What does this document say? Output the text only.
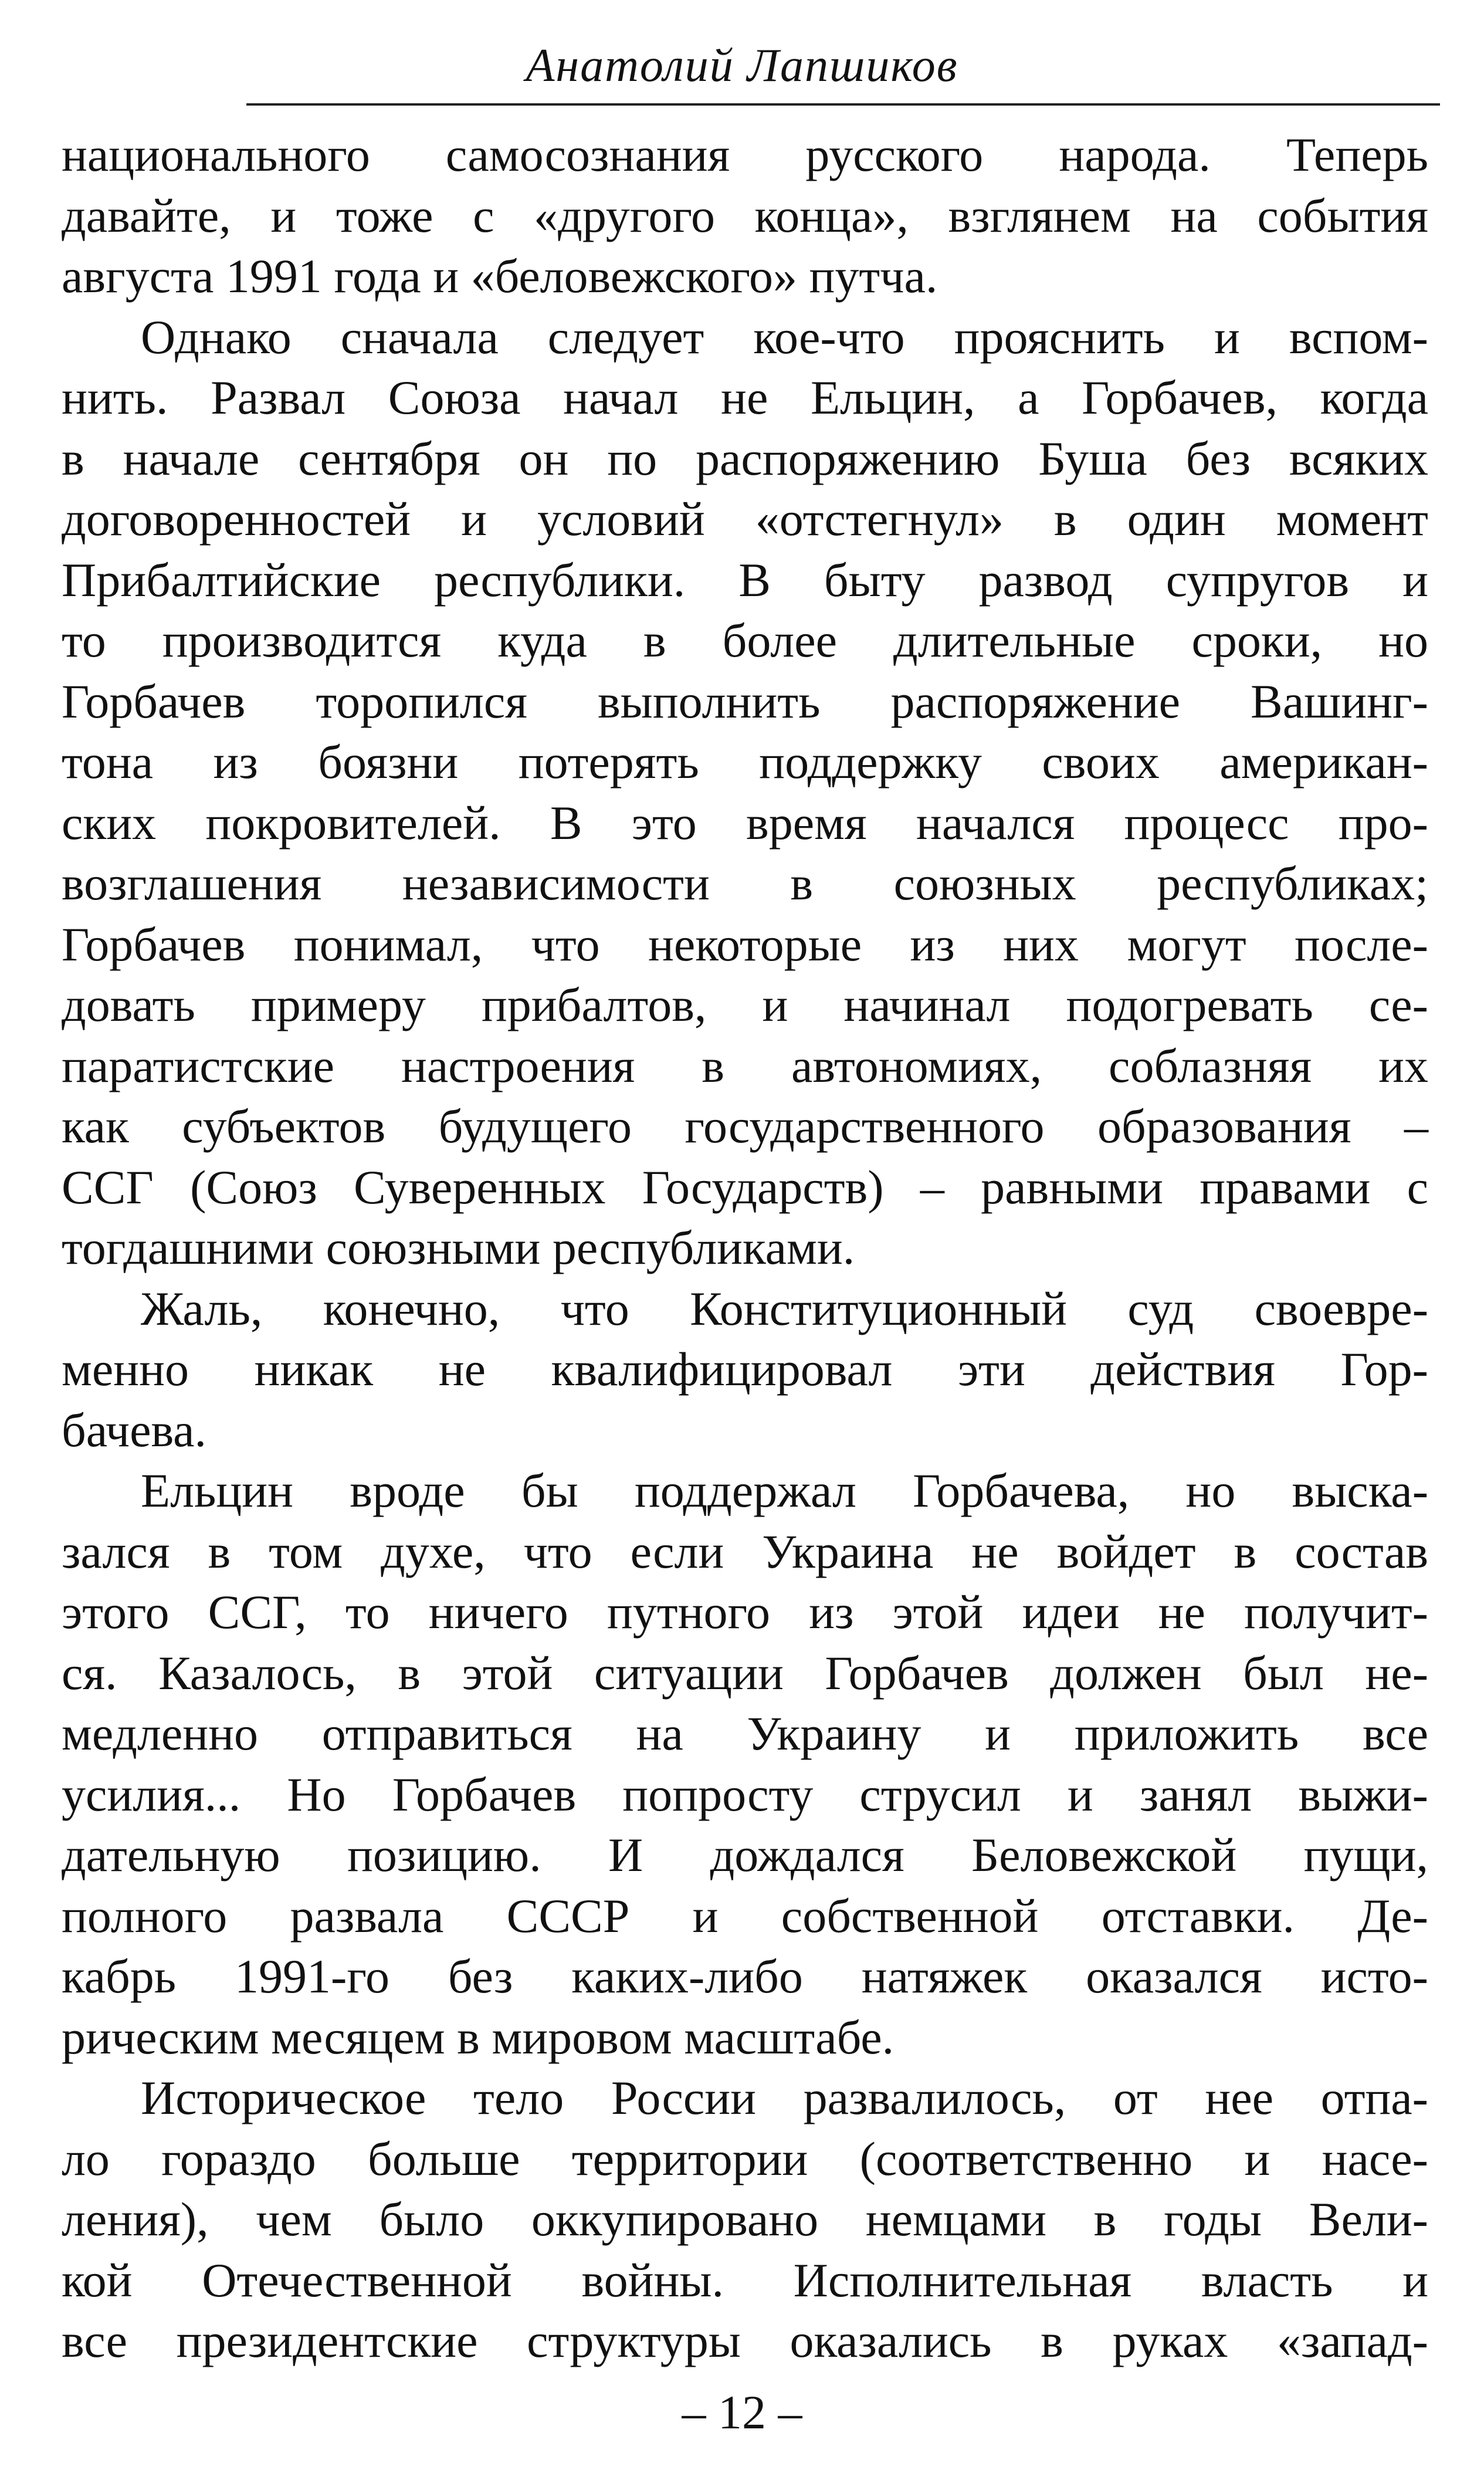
Анатолий Лапшиков

национального самосознания русского народа. Теперь
давайте, и тоже с «другого конца», взглянем на события
августа 1991 года и «беловежского» путча.

Однако сначала следует кое-что прояснить и вспом-
нить. Развал Союза начал не Ельцин, а Горбачев, когда
в начале сентября он по распоряжению Буша без всяких
договоренностей и условий «отстегнул» в один момент
Прибалтийские республики. В быту развод супругов и
то производится куда в более длительные сроки, но
Горбачев торопился выполнить распоряжение Вашинг-
тона из боязни потерять поддержку своих американ-
ских покровителей. В это время начался процесс про-
возглашения независимости в союзных республиках;
Горбачев понимал, что некоторые из них могут после-
довать примеру прибалтов, и начинал подогревать се-
паратистские настроения в автономиях, соблазняя их
как субъектов будущего государственного образования –
ССГ (Союз Суверенных Государств) – равными правами с
тогдашними союзными республиками.

Жаль, конечно, что Конституционный суд своевре-
менно никак не квалифицировал эти действия Гор-
бачева.

Ельцин вроде бы поддержал Горбачева, но выска-
зался в том духе, что если Украина не войдет в состав
этого ССГ, то ничего путного из этой идеи не получит-
ся. Казалось, в этой ситуации Горбачев должен был не-
медленно отправиться на Украину и приложить все
усилия... Но Горбачев попросту струсил и занял выжи-
дательную позицию. И дождался Беловежской пущи,
полного развала СССР и собственной отставки. Де-
кабрь 1991-го без каких-либо натяжек оказался исто-
рическим месяцем в мировом масштабе.

Историческое тело России развалилось, от нее отпа-
ло гораздо больше территории (соответственно и насе-
ления), чем было оккупировано немцами в годы Вели-
кой Отечественной войны. Исполнительная власть и
все президентские структуры оказались в руках «запад-

– 12 –
